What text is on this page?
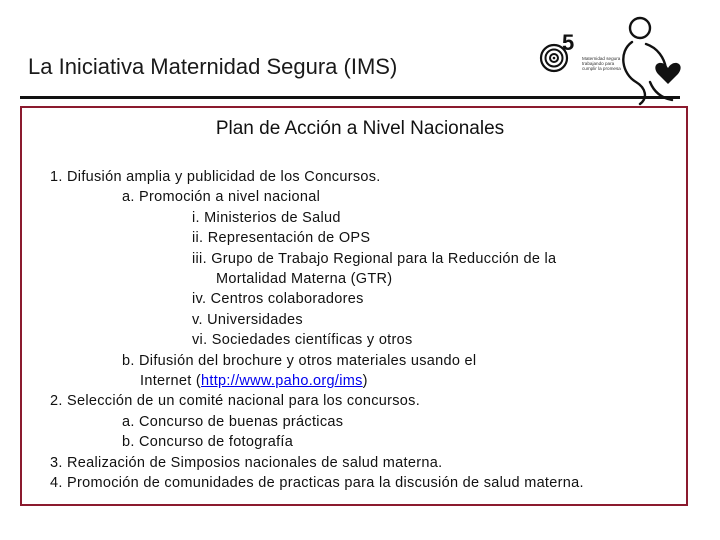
La Iniciativa Maternidad Segura (IMS)
5
Maternidad segura
trabajando para
cumplir la promesa
Plan de Acción a Nivel Nacionales
1. Difusión amplia y publicidad de los Concursos.
a. Promoción a nivel nacional
i. Ministerios de Salud
ii. Representación de OPS
iii. Grupo de Trabajo Regional para la Reducción de la
Mortalidad Materna (GTR)
iv. Centros colaboradores
v. Universidades
vi. Sociedades científicas y otros
b. Difusión del brochure y otros materiales usando el
Internet (http://www.paho.org/ims)
2. Selección de un comité nacional para los concursos.
a. Concurso de buenas prácticas
b. Concurso de fotografía
3. Realización de Simposios nacionales de salud materna.
4. Promoción de comunidades de practicas para la discusión de salud materna.
